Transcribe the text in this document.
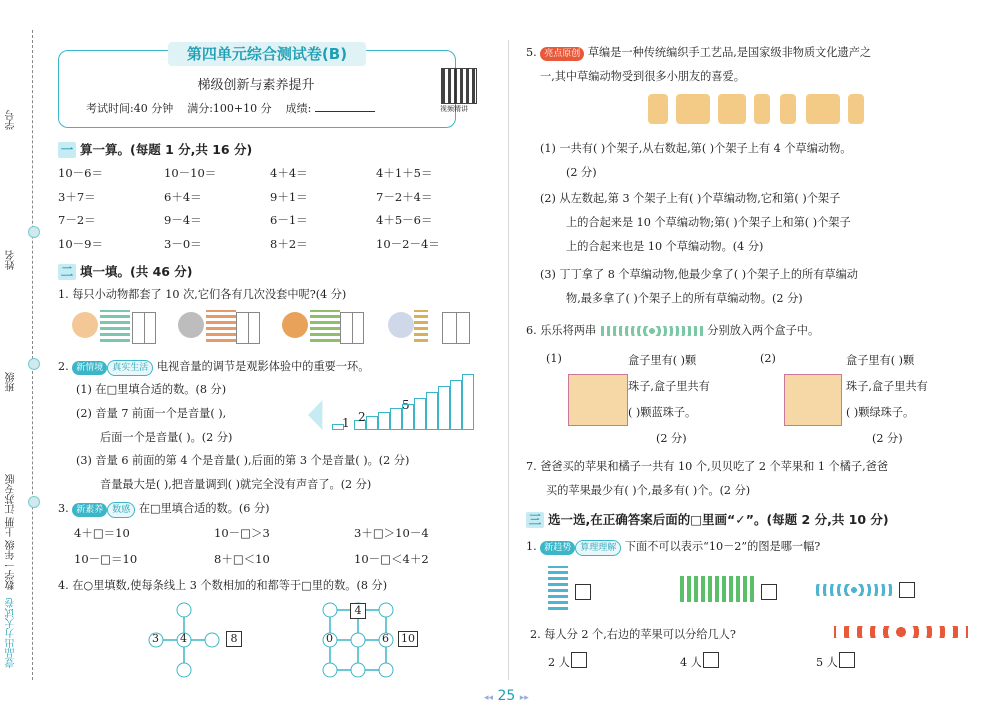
学号
姓名
班级
数学一年级 上册 江苏专版
壹品出力大试卷
第四单元综合测试卷(B)
梯级创新与素养提升
考试时间:40 分钟 满分:100+10 分 成绩:	视频精讲
一 算一算。(每题 1 分,共 16 分)
10－6＝	10－10＝	4＋4＝	4＋1＋5＝
3＋7＝	6＋4＝	9＋1＝	7－2＋4＝
7－2＝	9－4＝	6－1＝	4＋5－6＝
10－9＝	3－0＝	8＋2＝	10－2－4＝
二 填一填。(共 46 分)
1. 每只小动物都套了 10 次,它们各有几次没套中呢?(4 分)
2. 新情境 真实生活 电视音量的调节是观影体验中的重要一环。
(1) 在□里填合适的数。(8 分)
(2) 音量 7 前面一个是音量( ),
后面一个是音量( )。(2 分)
1 2
5
(3) 音量 6 前面的第 4 个是音量( ),后面的第 3 个是音量( )。(2 分)
音量最大是( ),把音量调到( )就完全没有声音了。(2 分)
3. 新素养 数感 在□里填合适的数。(6 分)
4＋□＝10	10－□＞3	3＋□＞10－4
10－□＝10	8＋□＜10	10－□＜4＋2
4. 在○里填数,使每条线上 3 个数相加的和都等于□里的数。(8 分)
3 4	8
4
0	6 10
5. 亮点原创 草编是一种传统编织手工艺品,是国家级非物质文化遗产之
一,其中草编动物受到很多小朋友的喜爱。
(1) 一共有( )个架子,从右数起,第( )个架子上有 4 个草编动物。
(2 分)
(2) 从左数起,第 3 个架子上有( )个草编动物,它和第( )个架子
上的合起来是 10 个草编动物;第( )个架子上和第( )个架子
上的合起来也是 10 个草编动物。(4 分)
(3) 丁丁拿了 8 个草编动物,他最少拿了( )个架子上的所有草编动
物,最多拿了( )个架子上的所有草编动物。(2 分)
6. 乐乐将两串	分别放入两个盒子中。
(1)	盒子里有( )颗
珠子,盒子里共有
( )颗蓝珠子。
(2 分)
(2)	盒子里有( )颗
珠子,盒子里共有
( )颗绿珠子。
(2 分)
7. 爸爸买的苹果和橘子一共有 10 个,贝贝吃了 2 个苹果和 1 个橘子,爸爸
买的苹果最少有( )个,最多有( )个。(2 分)
三 选一选,在正确答案后面的□里画“✓”。(每题 2 分,共 10 分)
1. 新趋势 算理理解 下面不可以表示“10－2”的图是哪一幅?
2. 每人分 2 个,右边的苹果可以分给几人?
2 人	4 人	5 人
◂◂ 25 ▸▸
